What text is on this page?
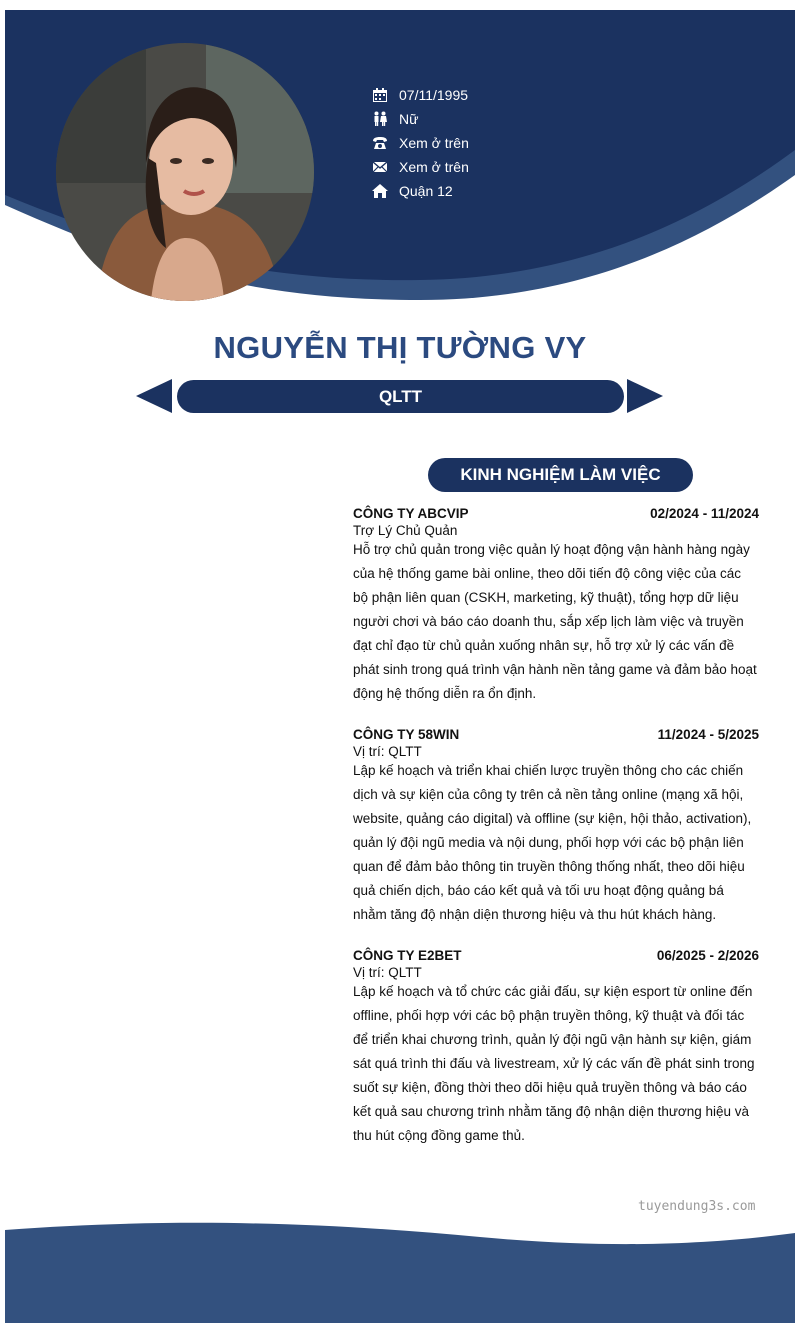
07/11/1995
Nữ
Xem ở trên
Xem ở trên
Quận 12
NGUYỄN THỊ TƯỜNG VY
QLTT
KINH NGHIỆM LÀM VIỆC
CÔNG TY ABCVIP	02/2024 - 11/2024
Trợ Lý Chủ Quản
Hỗ trợ chủ quản trong việc quản lý hoạt động vận hành hàng ngày của hệ thống game bài online, theo dõi tiến độ công việc của các bộ phận liên quan (CSKH, marketing, kỹ thuật), tổng hợp dữ liệu người chơi và báo cáo doanh thu, sắp xếp lịch làm việc và truyền đạt chỉ đạo từ chủ quản xuống nhân sự, hỗ trợ xử lý các vấn đề phát sinh trong quá trình vận hành nền tảng game và đảm bảo hoạt động hệ thống diễn ra ổn định.
CÔNG TY 58WIN	11/2024 - 5/2025
Vị trí: QLTT
Lập kế hoạch và triển khai chiến lược truyền thông cho các chiến dịch và sự kiện của công ty trên cả nền tảng online (mạng xã hội, website, quảng cáo digital) và offline (sự kiện, hội thảo, activation), quản lý đội ngũ media và nội dung, phối hợp với các bộ phận liên quan để đảm bảo thông tin truyền thông thống nhất, theo dõi hiệu quả chiến dịch, báo cáo kết quả và tối ưu hoạt động quảng bá nhằm tăng độ nhận diện thương hiệu và thu hút khách hàng.
CÔNG TY E2BET	06/2025 - 2/2026
Vị trí: QLTT
Lập kế hoạch và tổ chức các giải đấu, sự kiện esport từ online đến offline, phối hợp với các bộ phận truyền thông, kỹ thuật và đối tác để triển khai chương trình, quản lý đội ngũ vận hành sự kiện, giám sát quá trình thi đấu và livestream, xử lý các vấn đề phát sinh trong suốt sự kiện, đồng thời theo dõi hiệu quả truyền thông và báo cáo kết quả sau chương trình nhằm tăng độ nhận diện thương hiệu và thu hút cộng đồng game thủ.
tuyendung3s.com
